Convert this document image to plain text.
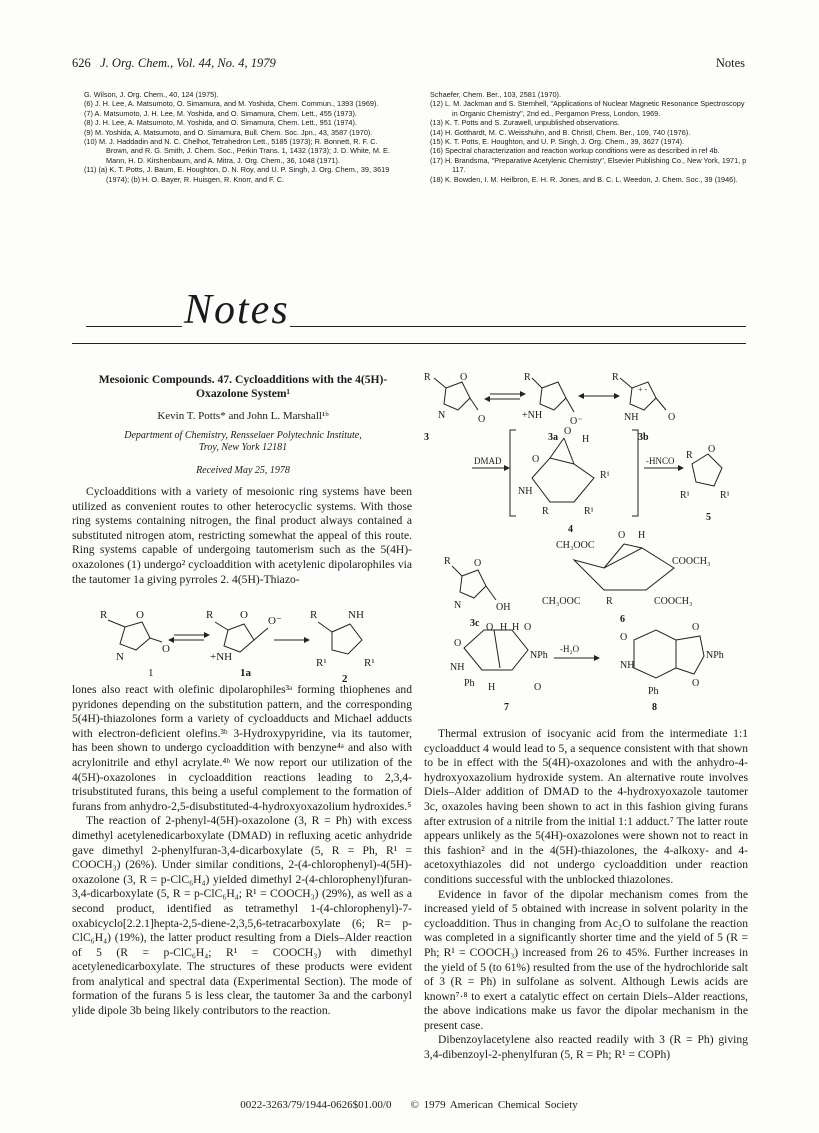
626 J. Org. Chem., Vol. 44, No. 4, 1979	Notes
G. Wilson, J. Org. Chem., 40, 124 (1975).
(6) J. H. Lee, A. Matsumoto, O. Simamura, and M. Yoshida, Chem. Commun., 1393 (1969).
(7) A. Matsumoto, J. H. Lee, M. Yoshida, and O. Simamura, Chem. Lett., 455 (1973).
(8) J. H. Lee, A. Matsumoto, M. Yoshida, and O. Simamura, Chem. Lett., 951 (1974).
(9) M. Yoshida, A. Matsumoto, and O. Simamura, Bull. Chem. Soc. Jpn., 43, 3587 (1970).
(10) M. J. Haddadin and N. C. Chelhot, Tetrahedron Lett., 5185 (1973); R. Bonnett, R. F. C. Brown, and R. G. Smith, J. Chem. Soc., Perkin Trans. 1, 1432 (1973); J. D. White, M. E. Mann, H. D. Kirshenbaum, and A. Mitra, J. Org. Chem., 36, 1048 (1971).
(11) (a) K. T. Potts, J. Baum, E. Houghton, D. N. Roy, and U. P. Singh, J. Org. Chem., 39, 3619 (1974); (b) H. O. Bayer, R. Huisgen, R. Knorr, and F. C.
Schaefer, Chem. Ber., 103, 2581 (1970).
(12) L. M. Jackman and S. Sternhell, "Applications of Nuclear Magnetic Resonance Spectroscopy in Organic Chemistry", 2nd ed., Pergamon Press, London, 1969.
(13) K. T. Potts and S. Zurawell, unpublished observations.
(14) H. Gotthardt, M. C. Weisshuhn, and B. Christl, Chem. Ber., 109, 740 (1976).
(15) K. T. Potts, E. Houghton, and U. P. Singh, J. Org. Chem., 39, 3627 (1974).
(16) Spectral characterization and reaction workup conditions were as described in ref 4b.
(17) H. Brandsma, "Preparative Acetylenic Chemistry", Elsevier Publishing Co., New York, 1971, p 117.
(18) K. Bowden, I. M. Heilbron, E. H. R. Jones, and B. C. L. Weedon, J. Chem. Soc., 39 (1946).
Notes
Mesoionic Compounds. 47. Cycloadditions with the 4(5H)-Oxazolone System¹
Kevin T. Potts* and John L. Marshall¹ᵇ
Department of Chemistry, Rensselaer Polytechnic Institute,
Troy, New York 12181
Received May 25, 1978

Cycloadditions with a variety of mesoionic ring systems have been utilized as convenient routes to other heterocyclic systems. With those ring systems containing nitrogen, the final product always contained a substituted nitrogen atom, restricting somewhat the appeal of this route. Ring systems capable of undergoing tautomerism such as the 5(4H)-oxazolones (1) undergo² cycloaddition with acetylenic dipolarophiles via the tautomer 1a giving pyrroles 2. 4(5H)-Thiazo-

lones also react with olefinic dipolarophiles³ᵃ forming thiophenes and pyridones depending on the substitution pattern, and the corresponding 5(4H)-thiazolones form a variety of cycloadducts and Michael adducts with electron-deficient olefins.³ᵇ 3-Hydroxypyridine, via its tautomer, has been shown to undergo cycloaddition with benzyne⁴ᵃ and also with acrylonitrile and ethyl acrylate.⁴ᵇ We now report our utilization of the 4(5H)-oxazolones in cycloaddition reactions leading to 2,3,4-trisubstituted furans, this being a useful complement to the formation of furans from anhydro-2,5-disubstituted-4-hydroxyoxazolium hydroxides.⁵

The reaction of 2-phenyl-4(5H)-oxazolone (3, R = Ph) with excess dimethyl acetylenedicarboxylate (DMAD) in refluxing acetic anhydride gave dimethyl 2-phenylfuran-3,4-dicarboxylate (5, R = Ph, R¹ = COOCH₃) (26%). Under similar conditions, 2-(4-chlorophenyl)-4(5H)-oxazolone (3, R = p-ClC₆H₄) yielded dimethyl 2-(4-chlorophenyl)furan-3,4-dicarboxylate (5, R = p-ClC₆H₄; R¹ = COOCH₃) (29%), as well as a second product, identified as tetramethyl 1-(4-chlorophenyl)-7-oxabicyclo[2.2.1]hepta-2,5-diene-2,3,5,6-tetracarboxylate (6; R= p-ClC₆H₄) (19%), the latter product resulting from a Diels–Alder reaction of 5 (R = p-ClC₆H₄; R¹ = COOCH₃) with dimethyl acetylenedicarboxylate. The structures of these products were evident from analytical and spectral data (Experimental Section). The mode of formation of the furans 5 is less clear, the tautomer 3a and the carbonyl ylide dipole 3b being likely contributors to the reaction.

Thermal extrusion of isocyanic acid from the intermediate 1:1 cycloadduct 4 would lead to 5, a sequence consistent with that shown to be in effect with the 5(4H)-oxazolones and with the anhydro-4-hydroxyoxazolium hydroxide system. An alternative route involves Diels–Alder addition of DMAD to the 4-hydroxyoxazole tautomer 3c, oxazoles having been shown to act in this fashion giving furans after extrusion of a nitrile from the initial 1:1 adduct.⁷ The latter route appears unlikely as the 5(4H)-oxazolones were shown not to react in this fashion² and in the 4(5H)-thiazolones, the 4-alkoxy- and 4-acetoxythiazoles did not undergo cycloaddition under reaction conditions successful with the unblocked thiazolones.

Evidence in favor of the dipolar mechanism comes from the increased yield of 5 obtained with increase in solvent polarity in the cycloaddition. Thus in changing from Ac₂O to sulfolane the reaction was completed in a significantly shorter time and the yield of 5 (R = Ph; R¹ = COOCH₃) increased from 26 to 45%. Further increases in the yield of 5 (to 61%) resulted from the use of the hydrochloride salt of 3 (R = Ph) in sulfolane as solvent. Although Lewis acids are known⁷·⁸ to exert a catalytic effect on certain Diels–Alder reactions, the above indications make us favor the dipolar mechanism in the present case.

Dibenzoylacetylene also reacted readily with 3 (R = Ph) giving 3,4-dibenzoyl-2-phenylfuran (5, R = Ph; R¹ = COPh)

R	O
N
O
R O O⁻
+NH
R	NH
R¹	R¹
1	1a	2
R	O
N	O
R
+NH
O⁻
R
+ -
NH	O
3	3a	3b
DMAD
O
H
O
NH
R¹
R	R¹
4
-HNCO R
O
R¹	R¹
5
CH₃OOC
O H
COOCH₃
CH₃OOC	R	COOCH₃
6
R O
N	OH
3c
O
O H H O
NH
NPh
Ph H	O
7
-H₂O
O
O
NPh
NH
Ph
O
8
0022-3263/79/1944-0626$01.00/0 © 1979 American Chemical Society
